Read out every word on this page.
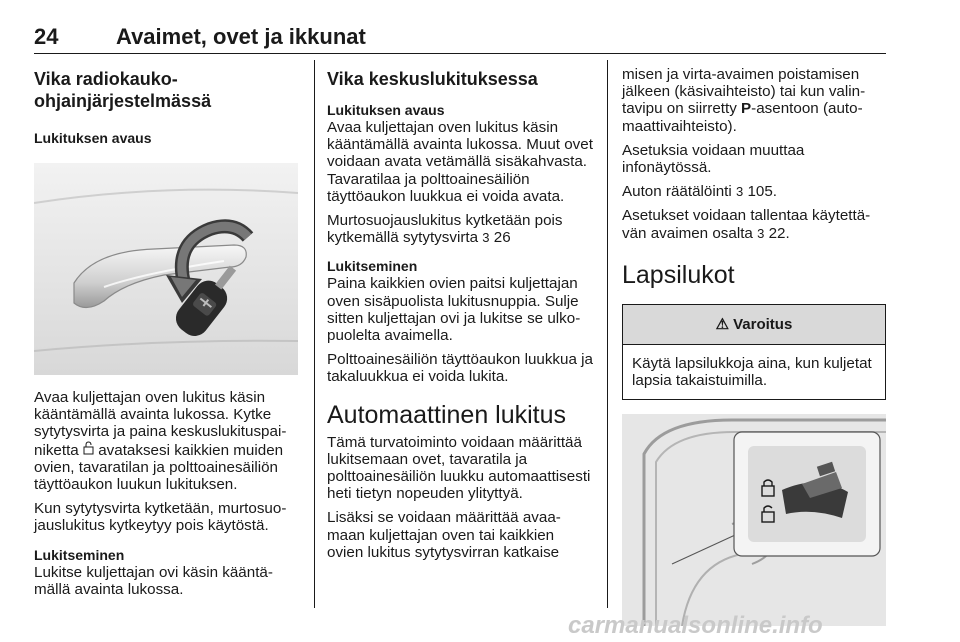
24	Avaimet, ovet ja ikkunat
Vika radiokauko-ohjainjärjestelmässä
Lukituksen avaus

Avaa kuljettajan oven lukitus käsin kääntämällä avainta lukossa. Kytke sytytysvirta ja paina keskuslukituspainiketta avataksesi kaikkien muiden ovien, tavaratilan ja polttoainesäiliön täyttöaukon luukun lukituksen.

Kun sytytysvirta kytketään, murtosuojauslukitus kytkeytyy pois käytöstä.

Lukitseminen

Lukitse kuljettajan ovi käsin kääntämällä avainta lukossa.

Vika keskuslukituksessa
Lukituksen avaus

Avaa kuljettajan oven lukitus käsin kääntämällä avainta lukossa. Muut ovet voidaan avata vetämällä sisäkahvasta. Tavaratilaa ja polttoainesäiliön täyttöaukon luukkua ei voida avata.

Murtosuojauslukitus kytketään pois kytkemällä sytytysvirta 3 26

Lukitseminen

Paina kaikkien ovien paitsi kuljettajan oven sisäpuolista lukitusnuppia. Sulje sitten kuljettajan ovi ja lukitse se ulkopuolelta avaimella.

Polttoainesäiliön täyttöaukon luukkua ja takaluukkua ei voida lukita.

Automaattinen lukitus

Tämä turvatoiminto voidaan määrittää lukitsemaan ovet, tavaratila ja polttoainesäiliön luukku automaattisesti heti tietyn nopeuden ylityttyä.

Lisäksi se voidaan määrittää avaamaan kuljettajan oven tai kaikkien ovien lukitus sytytysvirran katkaise

misen ja virta-avaimen poistamisen jälkeen (käsivaihteisto) tai kun valintavipu on siirretty P-asentoon (automaattivaihteisto).

Asetuksia voidaan muuttaa infonäytössä.

Auton räätälöinti 3 105.

Asetukset voidaan tallentaa käytettävän avaimen osalta 3 22.

Lapsilukot
⚠ Varoitus
Käytä lapsilukkoja aina, kun kuljetat lapsia takaistuimilla.
carmanualsonline.info
